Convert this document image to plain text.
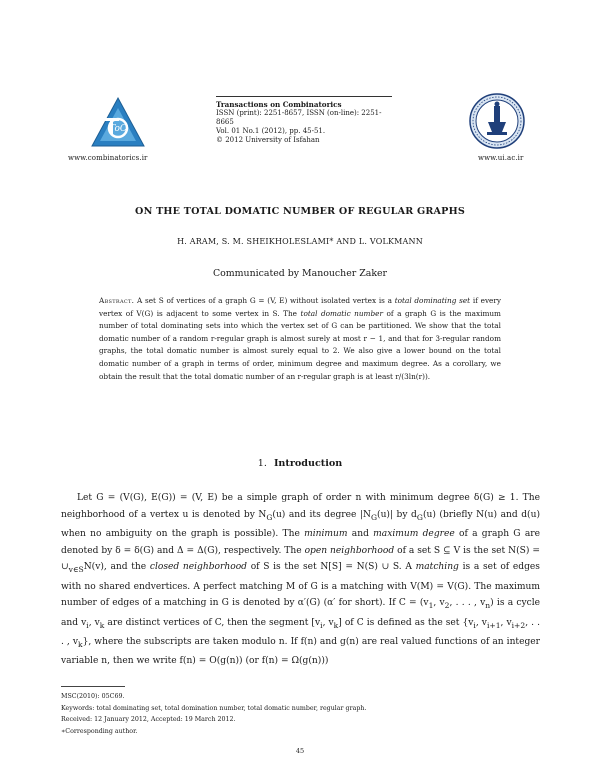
ToC
www.combinatorics.ir
Transactions on Combinatorics
ISSN (print): 2251-8657, ISSN (on-line): 2251-8665
Vol. 01 No.1 (2012), pp. 45-51.
© 2012 University of Isfahan
www.ui.ac.ir
ON THE TOTAL DOMATIC NUMBER OF REGULAR GRAPHS
H. ARAM, S. M. SHEIKHOLESLAMI* AND L. VOLKMANN
Communicated by Manoucher Zaker
Abstract. A set S of vertices of a graph G = (V, E) without isolated vertex is a total dominating set if every vertex of V(G) is adjacent to some vertex in S. The total domatic number of a graph G is the maximum number of total dominating sets into which the vertex set of G can be partitioned. We show that the total domatic number of a random r-regular graph is almost surely at most r − 1, and that for 3-regular random graphs, the total domatic number is almost surely equal to 2. We also give a lower bound on the total domatic number of a graph in terms of order, minimum degree and maximum degree. As a corollary, we obtain the result that the total domatic number of an r-regular graph is at least r/(3ln(r)).
1. Introduction

Let G = (V(G), E(G)) = (V, E) be a simple graph of order n with minimum degree δ(G) ≥ 1. The neighborhood of a vertex u is denoted by $N_G(u)$ and its degree $|N_G(u)|$ by $d_G(u)$ (briefly N(u) and d(u) when no ambiguity on the graph is possible). The minimum and maximum degree of a graph G are denoted by δ = δ(G) and Δ = Δ(G), respectively. The open neighborhood of a set S ⊆ V is the set $N(S) = \cup_{v\in S}N(v)$, and the closed neighborhood of S is the set N[S] = N(S) ∪ S. A matching is a set of edges with no shared endvertices. A perfect matching M of G is a matching with V(M) = V(G). The maximum number of edges of a matching in G is denoted by α′(G) (α′ for short). If $C = (v_1$, $v_2$, . . . , $v_n$) is a cycle and $v_i$, $v_k$ are distinct vertices of C, then the segment [$v_i$, $v_k$] of C is defined as the set {$v_i$, $v_{i+1}$, $v_{i+2}$, . . . , $v_k$}, where the subscripts are taken modulo n. If f(n) and g(n) are real valued functions of an integer variable n, then we write f(n) = O(g(n)) (or f(n) = Ω(g(n)))

MSC(2010): 05C69.
Keywords: total dominating set, total domination number, total domatic number, regular graph.
Received: 12 January 2012, Accepted: 19 March 2012.
∗Corresponding author.
45
